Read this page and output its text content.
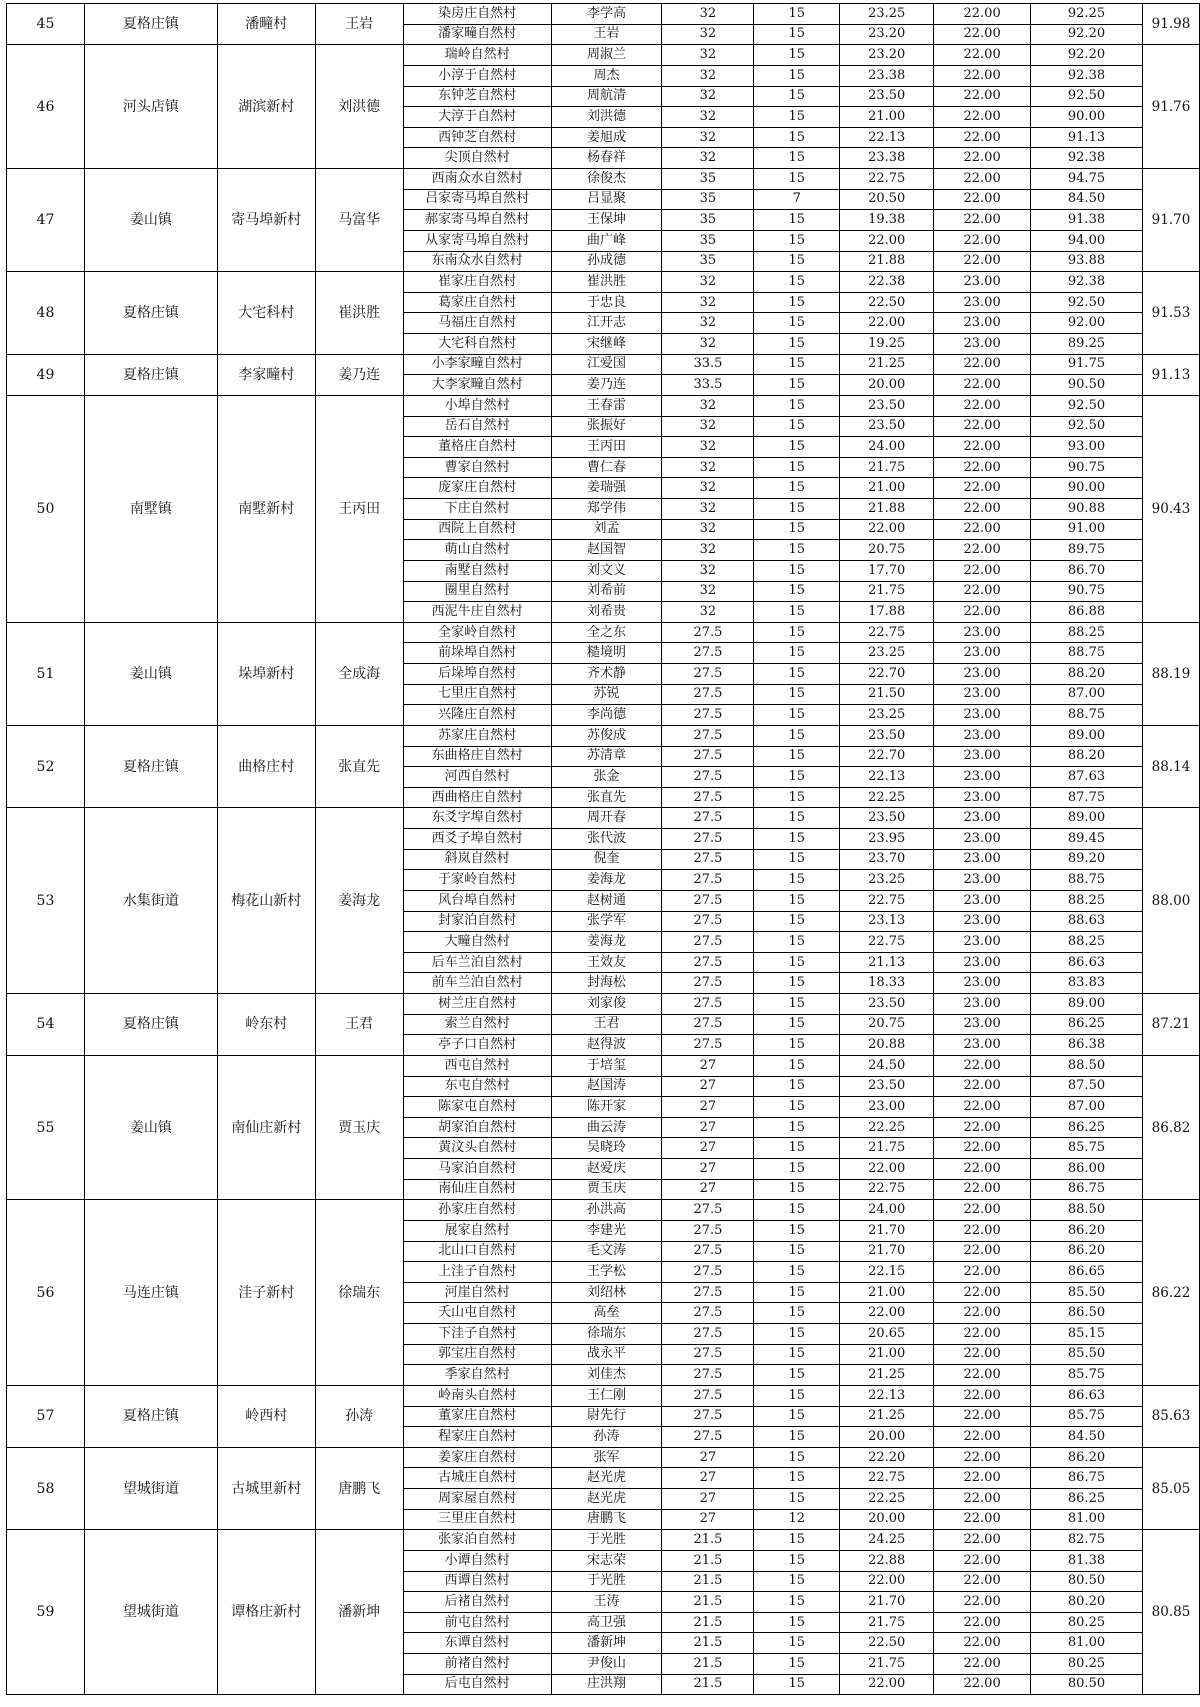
45	夏格庄镇	潘疃村	王岩	染房庄自然村	李学高	32	15	23.25	22.00	92.25	91.98
				潘家疃自然村	王岩	32	15	23.20	22.00	92.20	
46	河头店镇	湖滨新村	刘洪德	瑞岭自然村	周淑兰	32	15	23.20	22.00	92.20	91.76
				小淳于自然村	周杰	32	15	23.38	22.00	92.38	
				东钟芝自然村	周航清	32	15	23.50	22.00	92.50	
				大淳于自然村	刘洪德	32	15	21.00	22.00	90.00	
				西钟芝自然村	姜旭成	32	15	22.13	22.00	91.13	
				尖顶自然村	杨春祥	32	15	23.38	22.00	92.38	
47	姜山镇	寄马埠新村	马富华	西南众水自然村	徐俊杰	35	15	22.75	22.00	94.75	91.70
				吕家寄马埠自然村	吕显聚	35	7	20.50	22.00	84.50	
				郝家寄马埠自然村	王保坤	35	15	19.38	22.00	91.38	
				从家寄马埠自然村	曲广峰	35	15	22.00	22.00	94.00	
				东南众水自然村	孙成德	35	15	21.88	22.00	93.88	
48	夏格庄镇	大宅科村	崔洪胜	崔家庄自然村	崔洪胜	32	15	22.38	23.00	92.38	91.53
				葛家庄自然村	于忠良	32	15	22.50	23.00	92.50	
				马福庄自然村	江开志	32	15	22.00	23.00	92.00	
				大宅科自然村	宋继峰	32	15	19.25	23.00	89.25	
49	夏格庄镇	李家疃村	姜乃连	小李家疃自然村	江爱国	33.5	15	21.25	22.00	91.75	91.13
				大李家疃自然村	姜乃连	33.5	15	20.00	22.00	90.50	
50	南墅镇	南墅新村	王丙田	小埠自然村	王春雷	32	15	23.50	22.00	92.50	90.43
				岳石自然村	张振好	32	15	23.50	22.00	92.50	
				董格庄自然村	王丙田	32	15	24.00	22.00	93.00	
				曹家自然村	曹仁春	32	15	21.75	22.00	90.75	
				庞家庄自然村	姜瑞强	32	15	21.00	22.00	90.00	
				下庄自然村	郑学伟	32	15	21.88	22.00	90.88	
				西院上自然村	刘孟	32	15	22.00	22.00	91.00	
				萌山自然村	赵国智	32	15	20.75	22.00	89.75	
				南墅自然村	刘文义	32	15	17.70	22.00	86.70	
				圈里自然村	刘希前	32	15	21.75	22.00	90.75	
				西泥牛庄自然村	刘希贵	32	15	17.88	22.00	86.88	
51	姜山镇	垛埠新村	全成海	全家岭自然村	全之东	27.5	15	22.75	23.00	88.25	88.19
				前垛埠自然村	糙境明	27.5	15	23.25	23.00	88.75	
				后垛埠自然村	齐术静	27.5	15	22.70	23.00	88.20	
				七里庄自然村	苏锐	27.5	15	21.50	23.00	87.00	
				兴隆庄自然村	李尚德	27.5	15	23.25	23.00	88.75	
52	夏格庄镇	曲格庄村	张直先	苏家庄自然村	苏俊成	27.5	15	23.50	23.00	89.00	88.14
				东曲格庄自然村	苏清章	27.5	15	22.70	23.00	88.20	
				河西自然村	张金	27.5	15	22.13	23.00	87.63	
				西曲格庄自然村	张直先	27.5	15	22.25	23.00	87.75	
53	水集街道	梅花山新村	姜海龙	东爻字埠自然村	周开春	27.5	15	23.50	23.00	89.00	88.00
				西爻子埠自然村	张代波	27.5	15	23.95	23.00	89.45	
				斜岚自然村	倪奎	27.5	15	23.70	23.00	89.20	
				于家岭自然村	姜海龙	27.5	15	23.25	23.00	88.75	
				风台埠自然村	赵树通	27.5	15	22.75	23.00	88.25	
				封家泊自然村	张学军	27.5	15	23.13	23.00	88.63	
				大疃自然村	姜海龙	27.5	15	22.75	23.00	88.25	
				后车兰泊自然村	王效友	27.5	15	21.13	23.00	86.63	
				前车兰泊自然村	封海松	27.5	15	18.33	23.00	83.83	
54	夏格庄镇	岭东村	王君	树兰庄自然村	刘家俊	27.5	15	23.50	23.00	89.00	87.21
				索兰自然村	王君	27.5	15	20.75	23.00	86.25	
				亭子口自然村	赵得波	27.5	15	20.88	23.00	86.38	
55	姜山镇	南仙庄新村	贾玉庆	西屯自然村	于培玺	27	15	24.50	22.00	88.50	86.82
				东屯自然村	赵国涛	27	15	23.50	22.00	87.50	
				陈家屯自然村	陈开家	27	15	23.00	22.00	87.00	
				胡家泊自然村	曲云涛	27	15	22.25	22.00	86.25	
				黄汶头自然村	吴晓玲	27	15	21.75	22.00	85.75	
				马家泊自然村	赵爱庆	27	15	22.00	22.00	86.00	
				南仙庄自然村	贾玉庆	27	15	22.75	22.00	86.75	
56	马连庄镇	洼子新村	徐瑞东	孙家庄自然村	孙洪高	27.5	15	24.00	22.00	88.50	86.22
				展家自然村	李建光	27.5	15	21.70	22.00	86.20	
				北山口自然村	毛文涛	27.5	15	21.70	22.00	86.20	
				上洼子自然村	王学松	27.5	15	22.15	22.00	86.65	
				河崖自然村	刘绍林	27.5	15	21.00	22.00	85.50	
				夭山屯自然村	高垒	27.5	15	22.00	22.00	86.50	
				下洼子自然村	徐瑞东	27.5	15	20.65	22.00	85.15	
				郭宝庄自然村	战永平	27.5	15	21.00	22.00	85.50	
				季家自然村	刘佳杰	27.5	15	21.25	22.00	85.75	
57	夏格庄镇	岭西村	孙涛	岭南头自然村	王仁刚	27.5	15	22.13	22.00	86.63	85.63
				董家庄自然村	尉先行	27.5	15	21.25	22.00	85.75	
				程家庄自然村	孙涛	27.5	15	20.00	22.00	84.50	
58	望城街道	古城里新村	唐鹏飞	姜家庄自然村	张军	27	15	22.20	22.00	86.20	85.05
				古城庄自然村	赵光虎	27	15	22.75	22.00	86.75	
				周家屋自然村	赵光虎	27	15	22.25	22.00	86.25	
				三里庄自然村	唐鹏飞	27	12	20.00	22.00	81.00	
59	望城街道	谭格庄新村	潘新坤	张家泊自然村	于光胜	21.5	15	24.25	22.00	82.75	80.85
				小谭自然村	宋志荣	21.5	15	22.88	22.00	81.38	
				西谭自然村	于光胜	21.5	15	22.00	22.00	80.50	
				后褚自然村	王涛	21.5	15	21.70	22.00	80.20	
				前屯自然村	高卫强	21.5	15	21.75	22.00	80.25	
				东谭自然村	潘新坤	21.5	15	22.50	22.00	81.00	
				前褚自然村	尹俊山	21.5	15	21.75	22.00	80.25	
				后屯自然村	庄洪翔	21.5	15	22.00	22.00	80.50	
